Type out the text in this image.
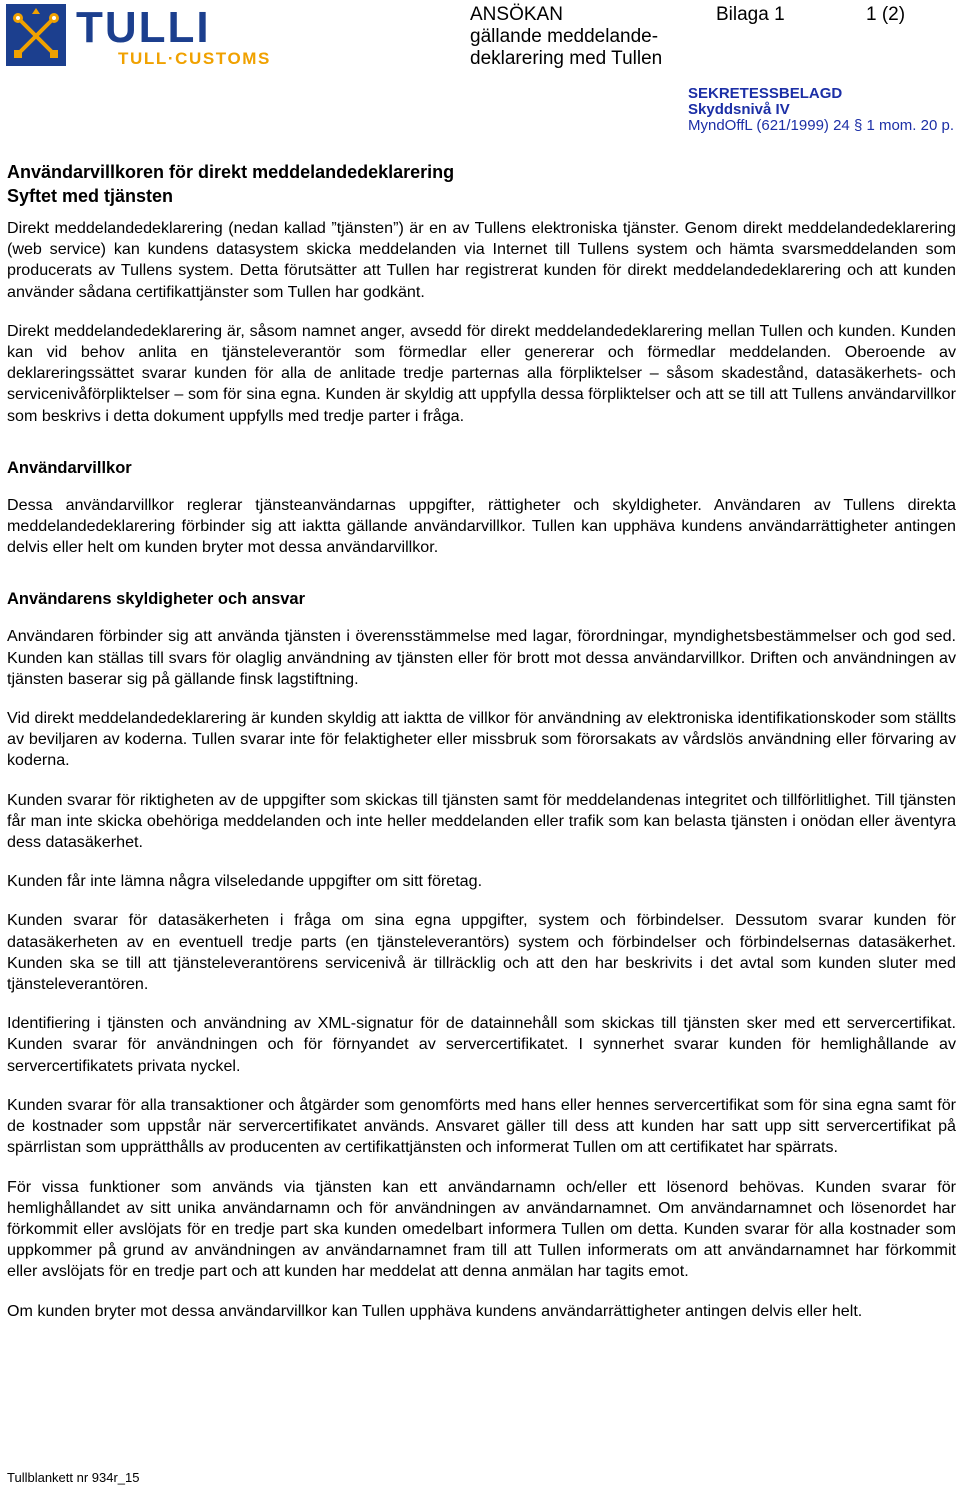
TULLI
TULL·CUSTOMS
ANSÖKAN
gällande meddelande-
deklarering med Tullen
Bilaga 1	1 (2)
SEKRETESSBELAGD
Skyddsnivå IV
MyndOffL (621/1999) 24 § 1 mom. 20 p.
Användarvillkoren för direkt meddelandedeklarering
Syftet med tjänsten

Direkt meddelandedeklarering (nedan kallad ”tjänsten”) är en av Tullens elektroniska tjänster. Genom direkt meddelandedeklarering (web service) kan kundens datasystem skicka meddelanden via Internet till Tullens system och hämta svarsmeddelanden som producerats av Tullens system. Detta förutsätter att Tullen har registrerat kunden för direkt meddelandedeklarering och att kunden använder sådana certifikattjänster som Tullen har godkänt.

Direkt meddelandedeklarering är, såsom namnet anger, avsedd för direkt meddelandedeklarering mellan Tullen och kunden. Kunden kan vid behov anlita en tjänsteleverantör som förmedlar eller genererar och förmedlar meddelanden. Oberoende av deklareringssättet svarar kunden för alla de anlitade tredje parternas alla förpliktelser – såsom skadestånd, datasäkerhets- och servicenivåförpliktelser – som för sina egna. Kunden är skyldig att uppfylla dessa förpliktelser och att se till att Tullens användarvillkor som beskrivs i detta dokument uppfylls med tredje parter i fråga.

Användarvillkor

Dessa användarvillkor reglerar tjänsteanvändarnas uppgifter, rättigheter och skyldigheter. Användaren av Tullens direkta meddelandedeklarering förbinder sig att iaktta gällande användarvillkor. Tullen kan upphäva kundens användarrättigheter antingen delvis eller helt om kunden bryter mot dessa användarvillkor.

Användarens skyldigheter och ansvar

Användaren förbinder sig att använda tjänsten i överensstämmelse med lagar, förordningar, myndighetsbestämmelser och god sed. Kunden kan ställas till svars för olaglig användning av tjänsten eller för brott mot dessa användarvillkor. Driften och användningen av tjänsten baserar sig på gällande finsk lagstiftning.

Vid direkt meddelandedeklarering är kunden skyldig att iaktta de villkor för användning av elektroniska identifikationskoder som ställts av beviljaren av koderna. Tullen svarar inte för felaktigheter eller missbruk som förorsakats av vårdslös användning eller förvaring av koderna.

Kunden svarar för riktigheten av de uppgifter som skickas till tjänsten samt för meddelandenas integritet och tillförlitlighet. Till tjänsten får man inte skicka obehöriga meddelanden och inte heller meddelanden eller trafik som kan belasta tjänsten i onödan eller äventyra dess datasäkerhet.

Kunden får inte lämna några vilseledande uppgifter om sitt företag.

Kunden svarar för datasäkerheten i fråga om sina egna uppgifter, system och förbindelser. Dessutom svarar kunden för datasäkerheten av en eventuell tredje parts (en tjänsteleverantörs) system och förbindelser och förbindelsernas datasäkerhet. Kunden ska se till att tjänsteleverantörens servicenivå är tillräcklig och att den har beskrivits i det avtal som kunden sluter med tjänsteleverantören.

Identifiering i tjänsten och användning av XML-signatur för de datainnehåll som skickas till tjänsten sker med ett servercertifikat. Kunden svarar för användningen och för förnyandet av servercertifikatet. I synnerhet svarar kunden för hemlighållande av servercertifikatets privata nyckel.

Kunden svarar för alla transaktioner och åtgärder som genomförts med hans eller hennes servercertifikat som för sina egna samt för de kostnader som uppstår när servercertifikatet används. Ansvaret gäller till dess att kunden har satt upp sitt servercertifikat på spärrlistan som upprätthålls av producenten av certifikattjänsten och informerat Tullen om att certifikatet har spärrats.

För vissa funktioner som används via tjänsten kan ett användarnamn och/eller ett lösenord behövas. Kunden svarar för hemlighållandet av sitt unika användarnamn och för användningen av användarnamnet. Om användarnamnet och lösenordet har förkommit eller avslöjats för en tredje part ska kunden omedelbart informera Tullen om detta. Kunden svarar för alla kostnader som uppkommer på grund av användningen av användarnamnet fram till att Tullen informerats om att användarnamnet har förkommit eller avslöjats för en tredje part och att kunden har meddelat att denna anmälan har tagits emot.

Om kunden bryter mot dessa användarvillkor kan Tullen upphäva kundens användarrättigheter antingen delvis eller helt.

Tullblankett nr 934r_15
